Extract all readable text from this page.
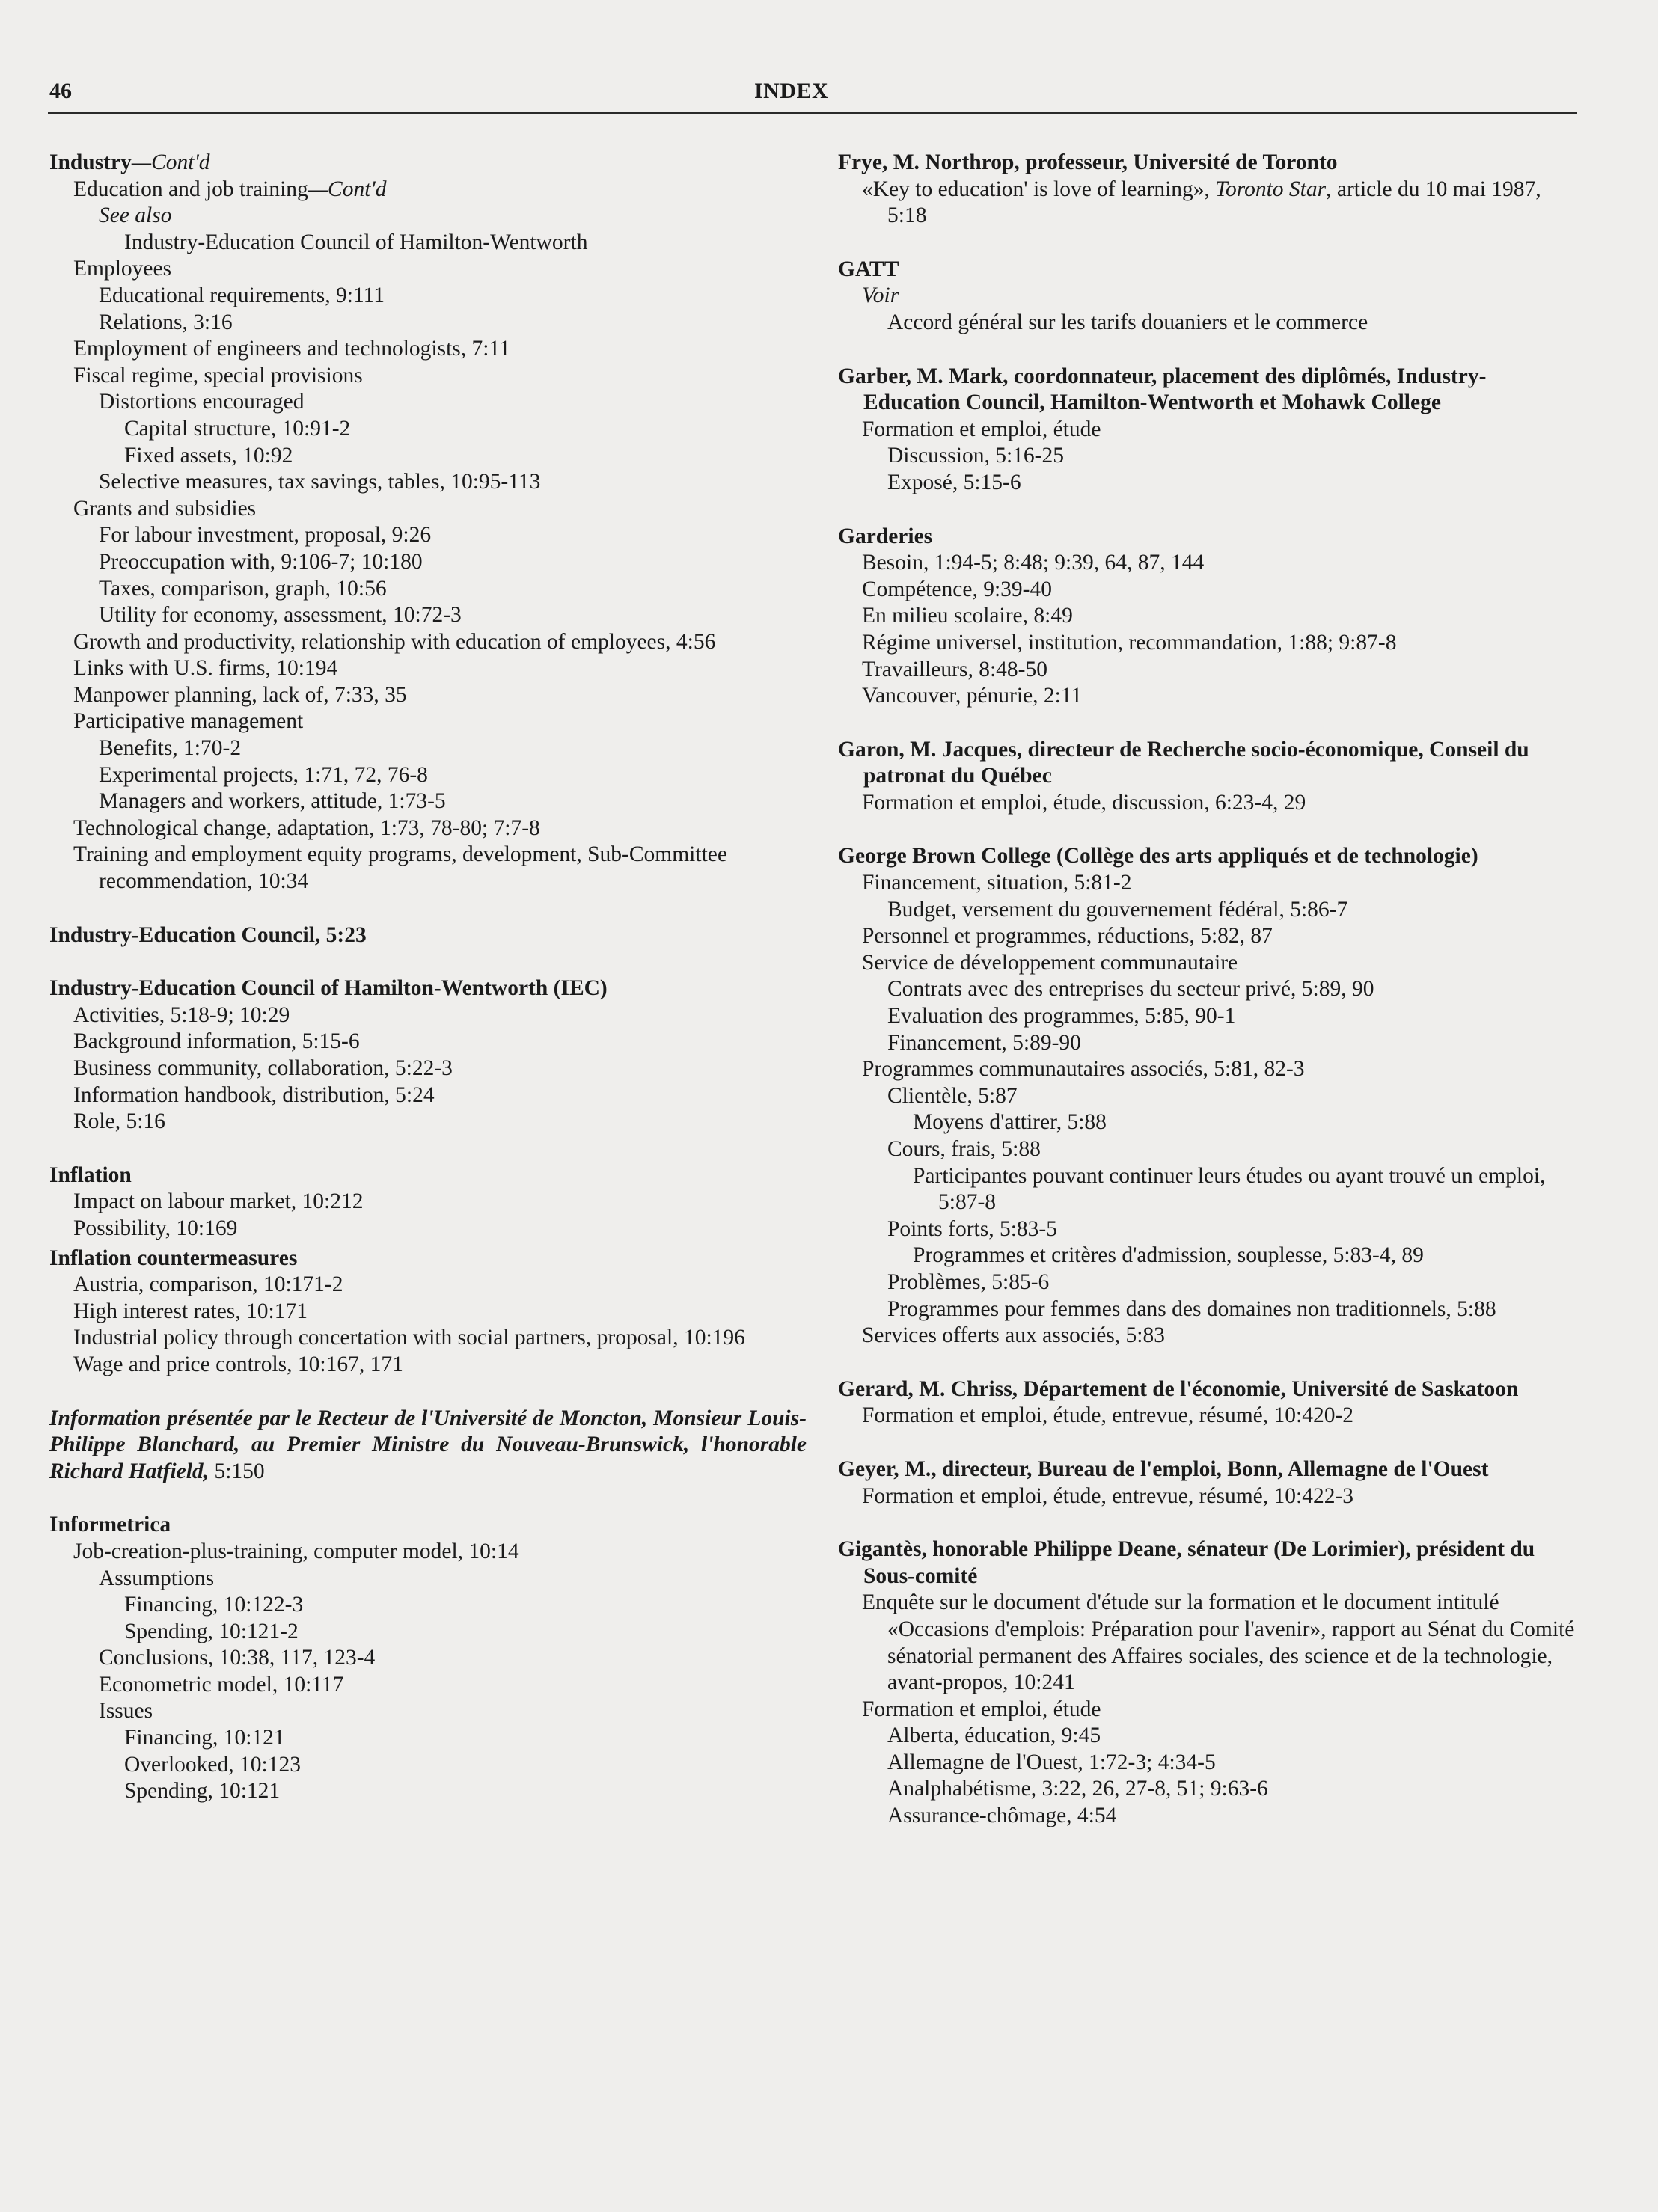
46	INDEX
Industry—Cont'd
Education and job training—Cont'd
See also
Industry-Education Council of Hamilton-Wentworth
Employees
Educational requirements, 9:111
Relations, 3:16
Employment of engineers and technologists, 7:11
Fiscal regime, special provisions
Distortions encouraged
Capital structure, 10:91-2
Fixed assets, 10:92
Selective measures, tax savings, tables, 10:95-113
Grants and subsidies
For labour investment, proposal, 9:26
Preoccupation with, 9:106-7; 10:180
Taxes, comparison, graph, 10:56
Utility for economy, assessment, 10:72-3
Growth and productivity, relationship with education of employees, 4:56
Links with U.S. firms, 10:194
Manpower planning, lack of, 7:33, 35
Participative management
Benefits, 1:70-2
Experimental projects, 1:71, 72, 76-8
Managers and workers, attitude, 1:73-5
Technological change, adaptation, 1:73, 78-80; 7:7-8
Training and employment equity programs, development, Sub-Committee recommendation, 10:34
Industry-Education Council, 5:23
Industry-Education Council of Hamilton-Wentworth (IEC)
Activities, 5:18-9; 10:29
Background information, 5:15-6
Business community, collaboration, 5:22-3
Information handbook, distribution, 5:24
Role, 5:16
Inflation
Impact on labour market, 10:212
Possibility, 10:169
Inflation countermeasures
Austria, comparison, 10:171-2
High interest rates, 10:171
Industrial policy through concertation with social partners, proposal, 10:196
Wage and price controls, 10:167, 171
Information présentée par le Recteur de l'Université de Moncton, Monsieur Louis-Philippe Blanchard, au Premier Ministre du Nouveau-Brunswick, l'honorable Richard Hatfield, 5:150
Informetrica
Job-creation-plus-training, computer model, 10:14
Assumptions
Financing, 10:122-3
Spending, 10:121-2
Conclusions, 10:38, 117, 123-4
Econometric model, 10:117
Issues
Financing, 10:121
Overlooked, 10:123
Spending, 10:121
Frye, M. Northrop, professeur, Université de Toronto
«Key to education' is love of learning», Toronto Star, article du 10 mai 1987, 5:18
GATT
Voir
Accord général sur les tarifs douaniers et le commerce
Garber, M. Mark, coordonnateur, placement des diplômés, Industry-Education Council, Hamilton-Wentworth et Mohawk College
Formation et emploi, étude
Discussion, 5:16-25
Exposé, 5:15-6
Garderies
Besoin, 1:94-5; 8:48; 9:39, 64, 87, 144
Compétence, 9:39-40
En milieu scolaire, 8:49
Régime universel, institution, recommandation, 1:88; 9:87-8
Travailleurs, 8:48-50
Vancouver, pénurie, 2:11
Garon, M. Jacques, directeur de Recherche socio-économique, Conseil du patronat du Québec
Formation et emploi, étude, discussion, 6:23-4, 29
George Brown College (Collège des arts appliqués et de technologie)
Financement, situation, 5:81-2
Budget, versement du gouvernement fédéral, 5:86-7
Personnel et programmes, réductions, 5:82, 87
Service de développement communautaire
Contrats avec des entreprises du secteur privé, 5:89, 90
Evaluation des programmes, 5:85, 90-1
Financement, 5:89-90
Programmes communautaires associés, 5:81, 82-3
Clientèle, 5:87
Moyens d'attirer, 5:88
Cours, frais, 5:88
Participantes pouvant continuer leurs études ou ayant trouvé un emploi, 5:87-8
Points forts, 5:83-5
Programmes et critères d'admission, souplesse, 5:83-4, 89
Problèmes, 5:85-6
Programmes pour femmes dans des domaines non traditionnels, 5:88
Services offerts aux associés, 5:83
Gerard, M. Chriss, Département de l'économie, Université de Saskatoon
Formation et emploi, étude, entrevue, résumé, 10:420-2
Geyer, M., directeur, Bureau de l'emploi, Bonn, Allemagne de l'Ouest
Formation et emploi, étude, entrevue, résumé, 10:422-3
Gigantès, honorable Philippe Deane, sénateur (De Lorimier), président du Sous-comité
Enquête sur le document d'étude sur la formation et le document intitulé «Occasions d'emplois: Préparation pour l'avenir», rapport au Sénat du Comité sénatorial permanent des Affaires sociales, des science et de la technologie, avant-propos, 10:241
Formation et emploi, étude
Alberta, éducation, 9:45
Allemagne de l'Ouest, 1:72-3; 4:34-5
Analphabétisme, 3:22, 26, 27-8, 51; 9:63-6
Assurance-chômage, 4:54
